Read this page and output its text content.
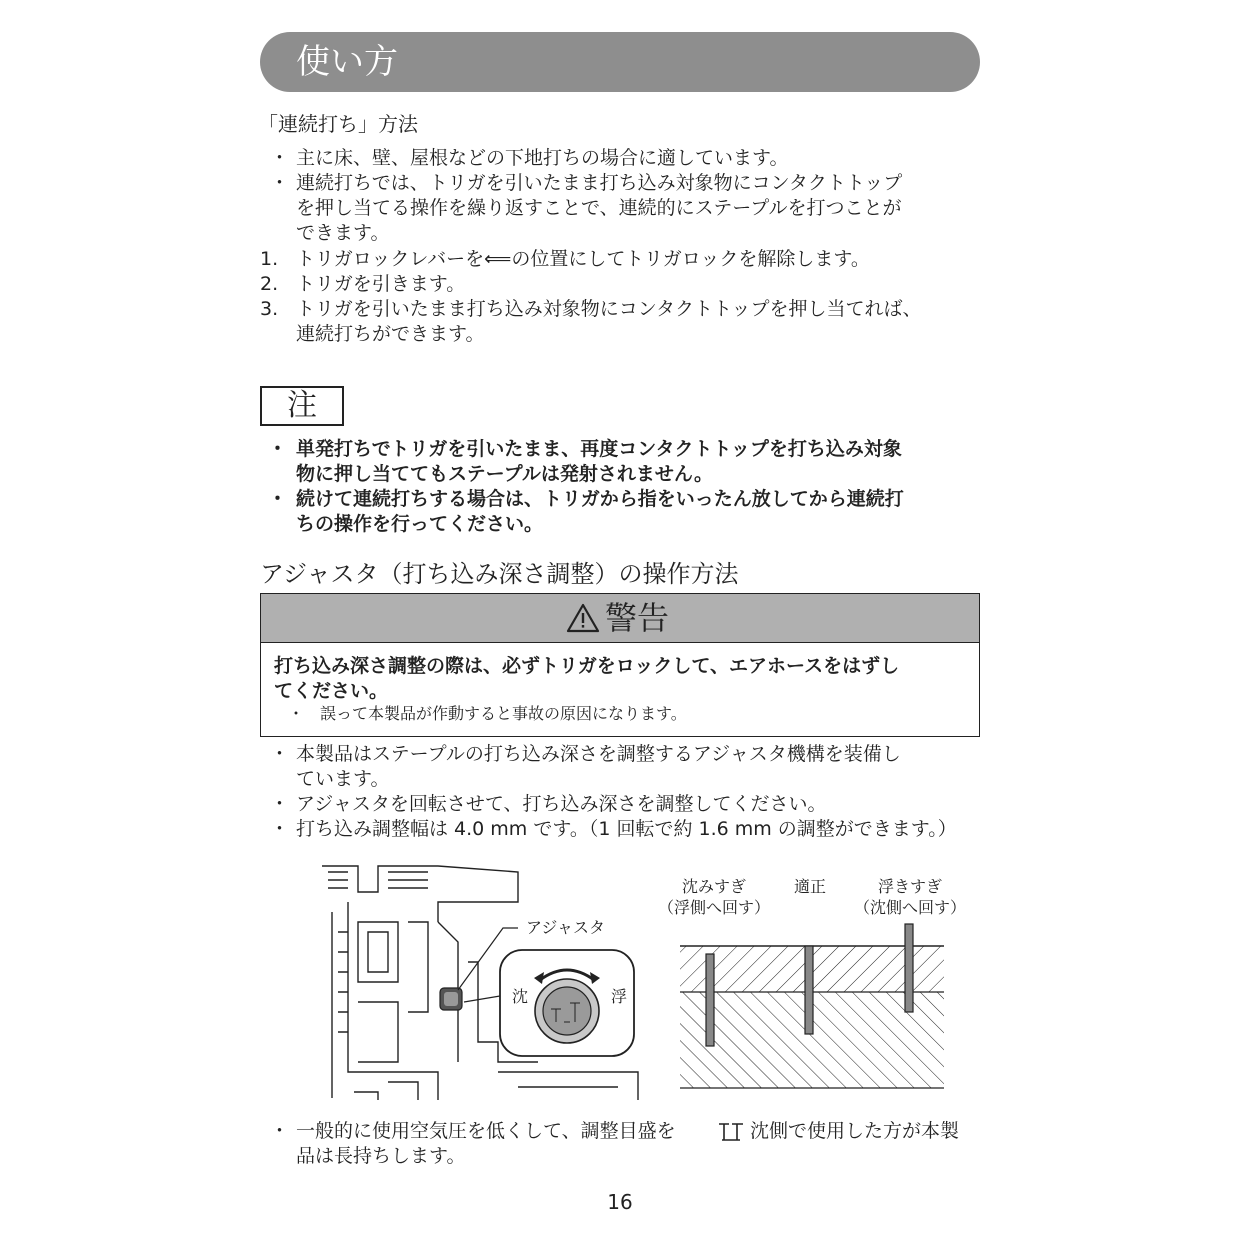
使い方
「連続打ち」方法
・ 主に床、壁、屋根などの下地打ちの場合に適しています。
・ 連続打ちでは、トリガを引いたまま打ち込み対象物にコンタクトトップ
を押し当てる操作を繰り返すことで、連続的にステープルを打つことが
できます。
1. トリガロックレバーを⟸の位置にしてトリガロックを解除します。
2. トリガを引きます。
3. トリガを引いたまま打ち込み対象物にコンタクトトップを押し当てれば、
連続打ちができます。
注
・ 単発打ちでトリガを引いたまま、再度コンタクトトップを打ち込み対象
物に押し当ててもステープルは発射されません。
・ 続けて連続打ちする場合は、トリガから指をいったん放してから連続打
ちの操作を行ってください。
アジャスタ（打ち込み深さ調整）の操作方法
警告
打ち込み深さ調整の際は、必ずトリガをロックして、エアホースをはずし
てください。
・　誤って本製品が作動すると事故の原因になります。
・ 本製品はステープルの打ち込み深さを調整するアジャスタ機構を装備し
ています。
・ アジャスタを回転させて、打ち込み深さを調整してください。
・ 打ち込み調整幅は 4.0 mm です。（1 回転で約 1.6 mm の調整ができます。）
アジャスタ
沈	浮
沈みすぎ
（浮側へ回す）
適正	浮きすぎ
（沈側へ回す）
・ 一般的に使用空気圧を低くして、調整目盛を	沈側で使用した方が本製
品は長持ちします。
16
